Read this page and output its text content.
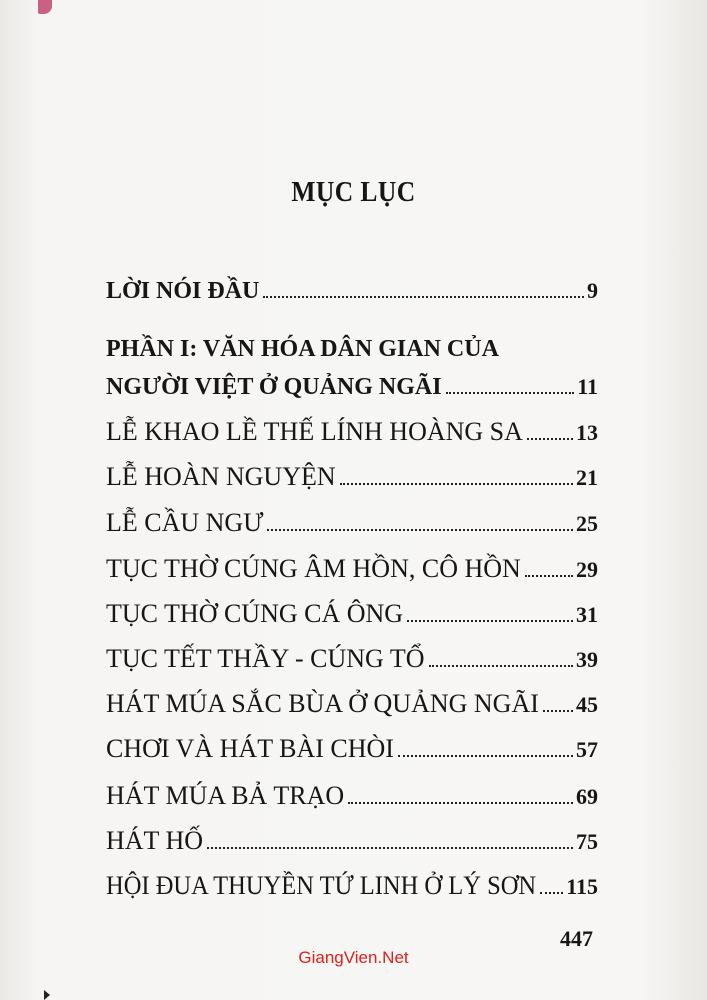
MỤC LỤC
LỜI NÓI ĐẦU	9
PHẦN I: VĂN HÓA DÂN GIAN CỦA
NGƯỜI VIỆT Ở QUẢNG NGÃI	11
LỄ KHAO LỀ THẾ LÍNH HOÀNG SA 13
LỄ HOÀN NGUYỆN	21
LỄ CẦU NGƯ	25
TỤC THỜ CÚNG ÂM HỒN, CÔ HỒN	29
TỤC THỜ CÚNG CÁ ÔNG	31
TỤC TẾT THẦY - CÚNG TỔ	39
HÁT MÚA SẮC BÙA Ở QUẢNG NGÃI 45
CHƠI VÀ HÁT BÀI CHÒI	57
HÁT MÚA BẢ TRẠO	69
HÁT HỐ	75
HỘI ĐUA THUYỀN TỨ LINH Ở LÝ SƠN 115
447
GiangVien.Net
